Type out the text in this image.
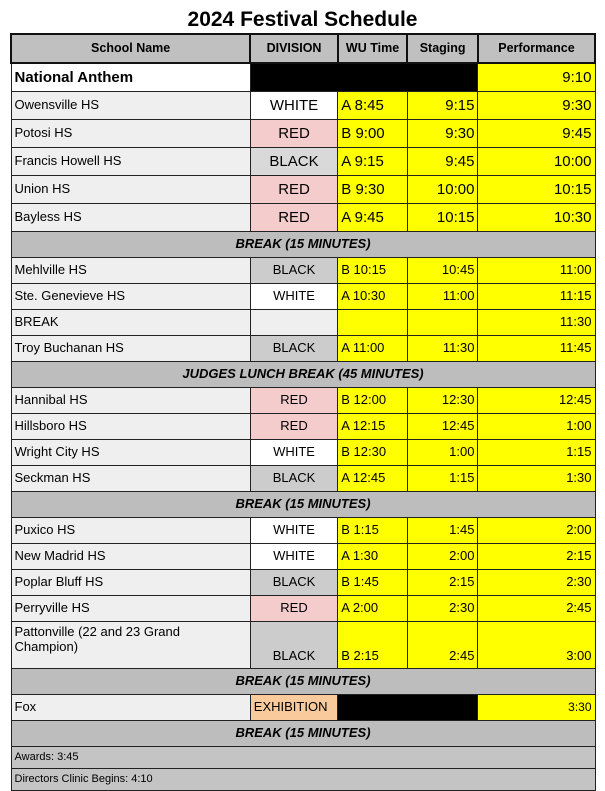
2024 Festival Schedule
School Name	DIVISION	WU Time	Staging	Performance
National Anthem				9:10
Owensville HS	WHITE	A 8:45	9:15	9:30
Potosi HS	RED	B 9:00	9:30	9:45
Francis Howell HS	BLACK	A 9:15	9:45	10:00
Union HS	RED	B 9:30	10:00	10:15
Bayless HS	RED	A 9:45	10:15	10:30
BREAK (15 MINUTES)				
Mehlville HS	BLACK	B 10:15	10:45	11:00
Ste. Genevieve HS	WHITE	A 10:30	11:00	11:15
BREAK				11:30
Troy Buchanan HS	BLACK	A 11:00	11:30	11:45
JUDGES LUNCH BREAK (45 MINUTES)				
Hannibal HS	RED	B 12:00	12:30	12:45
Hillsboro HS	RED	A 12:15	12:45	1:00
Wright City HS	WHITE	B 12:30	1:00	1:15
Seckman HS	BLACK	A 12:45	1:15	1:30
BREAK (15 MINUTES)				
Puxico HS	WHITE	B 1:15	1:45	2:00
New Madrid HS	WHITE	A 1:30	2:00	2:15
Poplar Bluff HS	BLACK	B 1:45	2:15	2:30
Perryville HS	RED	A 2:00	2:30	2:45
Pattonville (22 and 23 Grand Champion)	BLACK	B 2:15	2:45	3:00
BREAK (15 MINUTES)				
Fox	EXHIBITION			3:30
BREAK (15 MINUTES)				
Awards: 3:45				
Directors Clinic Begins: 4:10				
